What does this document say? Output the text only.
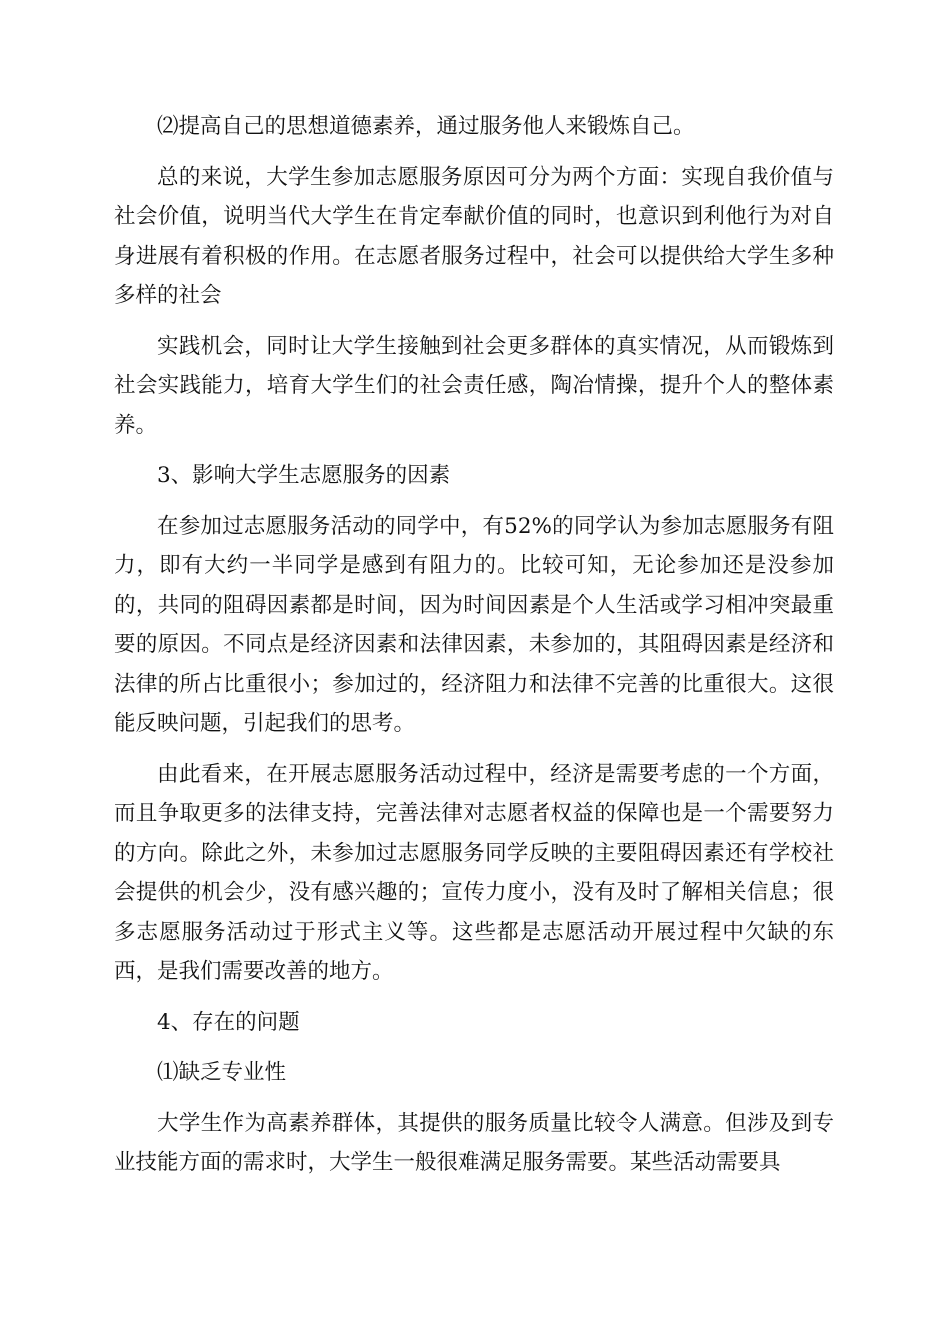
⑵提高自己的思想道德素养，通过服务他人来锻炼自己。

总的来说，大学生参加志愿服务原因可分为两个方面：实现自我价值与社会价值，说明当代大学生在肯定奉献价值的同时，也意识到利他行为对自身进展有着积极的作用。在志愿者服务过程中，社会可以提供给大学生多种多样的社会

实践机会，同时让大学生接触到社会更多群体的真实情况，从而锻炼到社会实践能力，培育大学生们的社会责任感，陶冶情操，提升个人的整体素养。

3、影响大学生志愿服务的因素

在参加过志愿服务活动的同学中，有52%的同学认为参加志愿服务有阻力，即有大约一半同学是感到有阻力的。比较可知，无论参加还是没参加的，共同的阻碍因素都是时间，因为时间因素是个人生活或学习相冲突最重要的原因。不同点是经济因素和法律因素，未参加的，其阻碍因素是经济和法律的所占比重很小；参加过的，经济阻力和法律不完善的比重很大。这很能反映问题，引起我们的思考。

由此看来，在开展志愿服务活动过程中，经济是需要考虑的一个方面，而且争取更多的法律支持，完善法律对志愿者权益的保障也是一个需要努力的方向。除此之外，未参加过志愿服务同学反映的主要阻碍因素还有学校社会提供的机会少，没有感兴趣的；宣传力度小，没有及时了解相关信息；很多志愿服务活动过于形式主义等。这些都是志愿活动开展过程中欠缺的东西，是我们需要改善的地方。

4、存在的问题

⑴缺乏专业性

大学生作为高素养群体，其提供的服务质量比较令人满意。但涉及到专业技能方面的需求时，大学生一般很难满足服务需要。某些活动需要具
